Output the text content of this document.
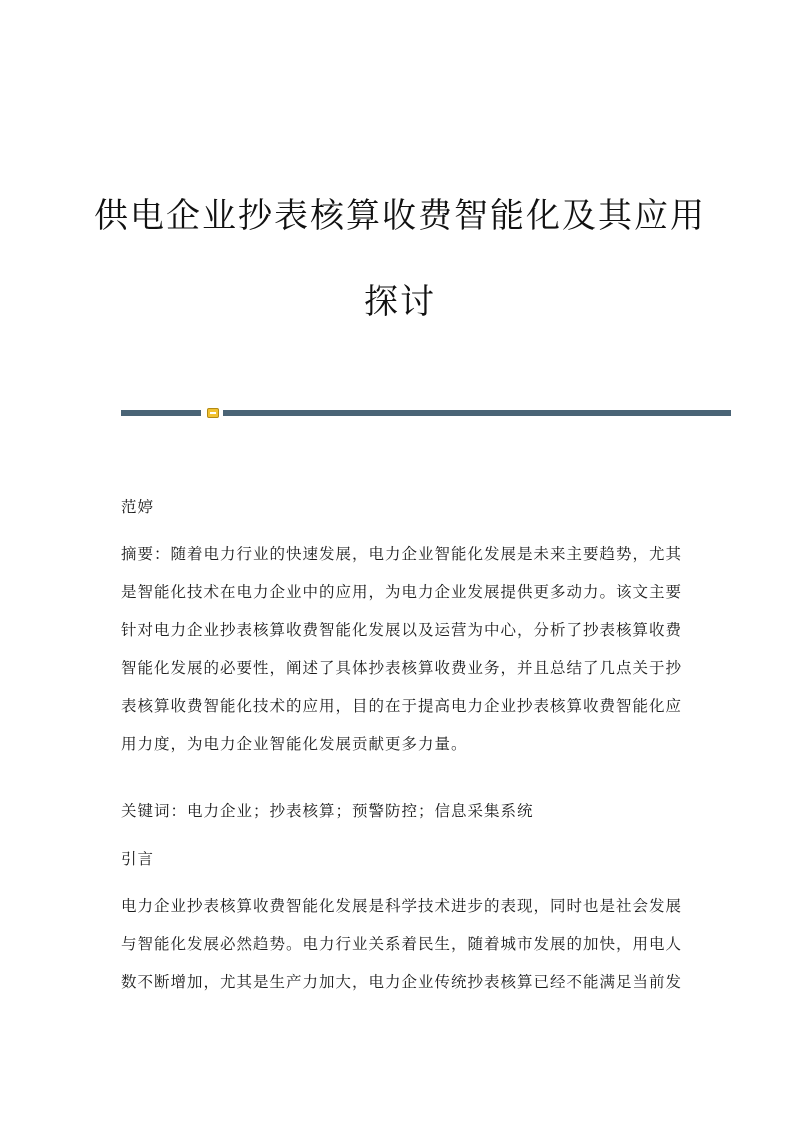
供电企业抄表核算收费智能化及其应用
探讨

范婷

摘要：随着电力行业的快速发展，电力企业智能化发展是未来主要趋势，尤其
是智能化技术在电力企业中的应用，为电力企业发展提供更多动力。该文主要
针对电力企业抄表核算收费智能化发展以及运营为中心，分析了抄表核算收费
智能化发展的必要性，阐述了具体抄表核算收费业务，并且总结了几点关于抄
表核算收费智能化技术的应用，目的在于提高电力企业抄表核算收费智能化应
用力度，为电力企业智能化发展贡献更多力量。

关键词：电力企业；抄表核算；预警防控；信息采集系统

引言

电力企业抄表核算收费智能化发展是科学技术进步的表现，同时也是社会发展
与智能化发展必然趋势。电力行业关系着民生，随着城市发展的加快，用电人
数不断增加，尤其是生产力加大，电力企业传统抄表核算已经不能满足当前发
